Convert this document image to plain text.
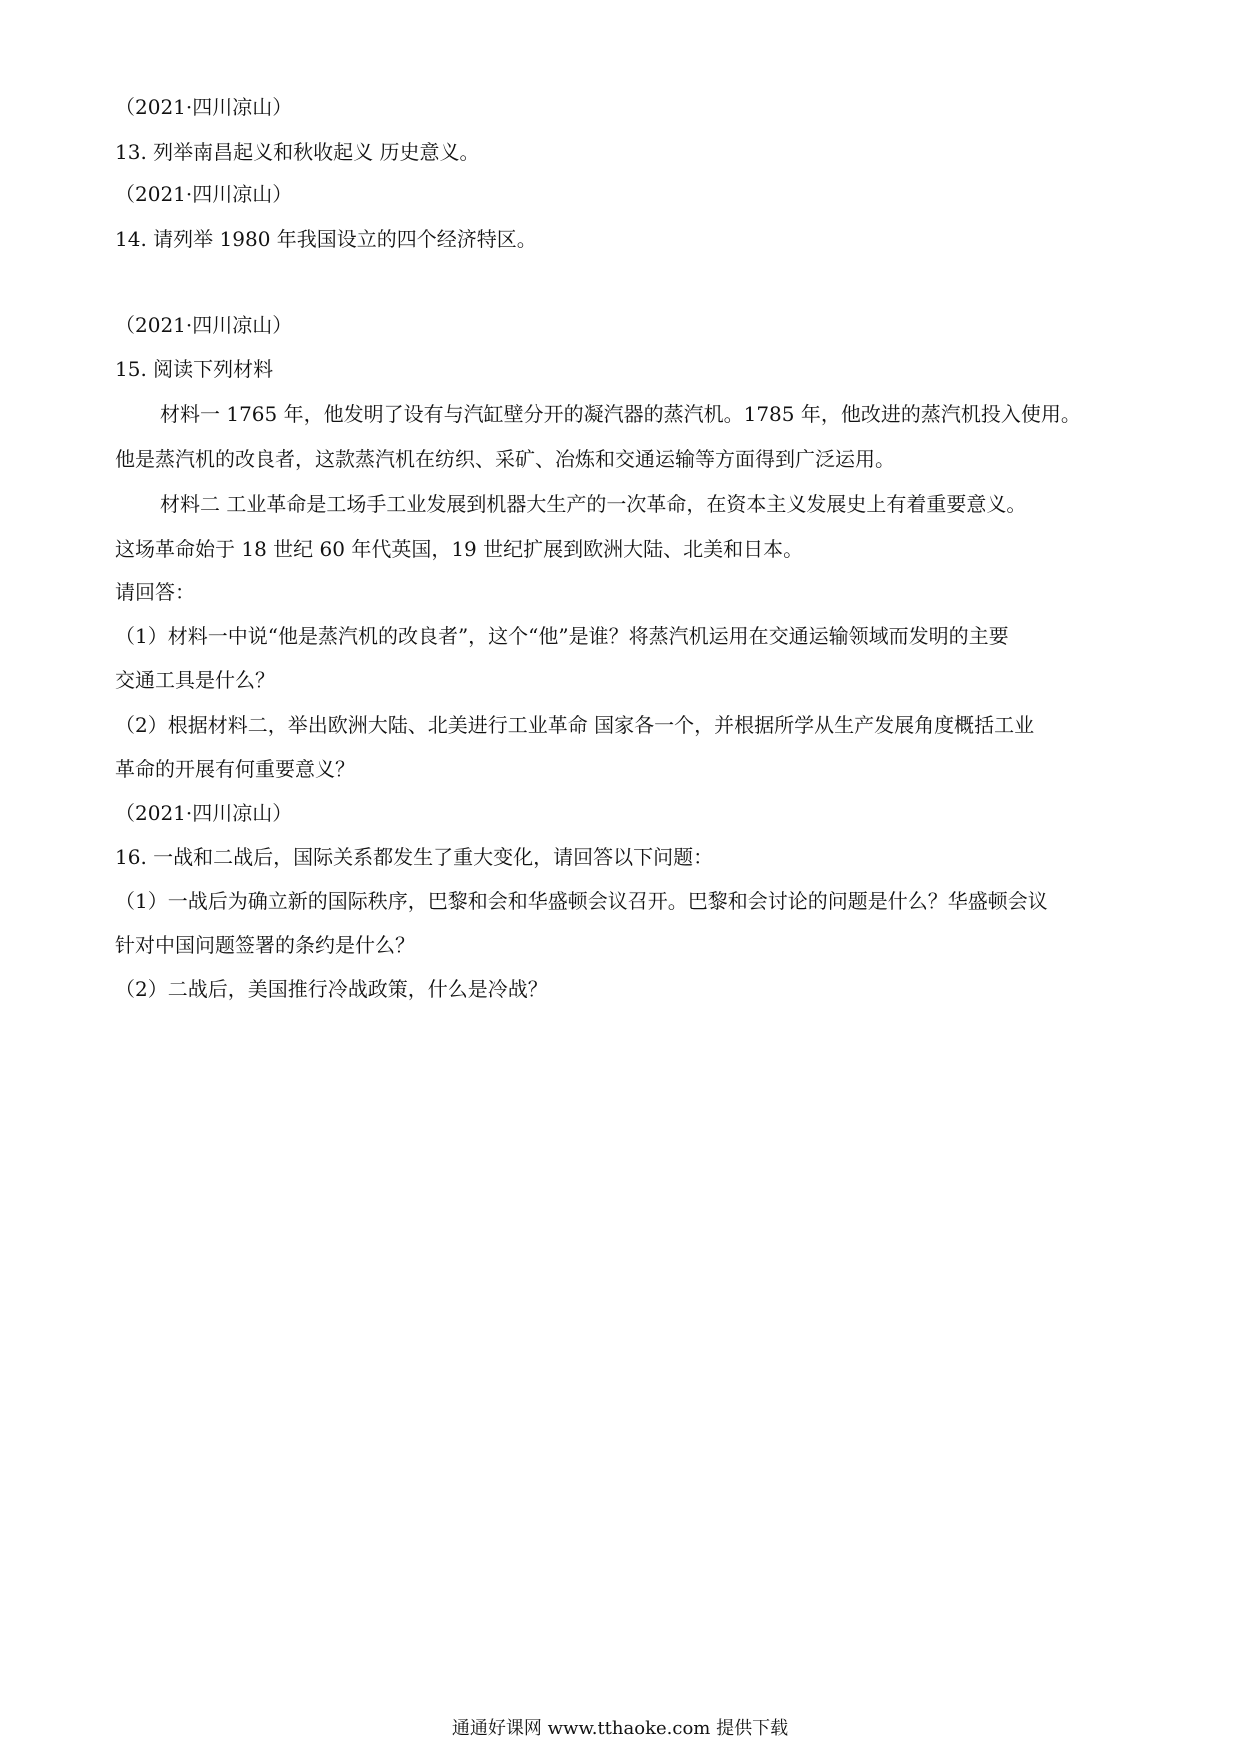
（2021·四川凉山）
13. 列举南昌起义和秋收起义 历史意义。
（2021·四川凉山）
14. 请列举 1980 年我国设立的四个经济特区。
（2021·四川凉山）
15. 阅读下列材料
材料一 1765 年，他发明了设有与汽缸壁分开的凝汽器的蒸汽机。1785 年，他改进的蒸汽机投入使用。
他是蒸汽机的改良者，这款蒸汽机在纺织、采矿、冶炼和交通运输等方面得到广泛运用。
材料二 工业革命是工场手工业发展到机器大生产的一次革命，在资本主义发展史上有着重要意义。
这场革命始于 18 世纪 60 年代英国，19 世纪扩展到欧洲大陆、北美和日本。
请回答：
（1）材料一中说“他是蒸汽机的改良者”，这个“他”是谁？将蒸汽机运用在交通运输领域而发明的主要
交通工具是什么？
（2）根据材料二，举出欧洲大陆、北美进行工业革命 国家各一个，并根据所学从生产发展角度概括工业
革命的开展有何重要意义？
（2021·四川凉山）
16. 一战和二战后，国际关系都发生了重大变化，请回答以下问题：
（1）一战后为确立新的国际秩序，巴黎和会和华盛顿会议召开。巴黎和会讨论的问题是什么？华盛顿会议
针对中国问题签署的条约是什么？
（2）二战后，美国推行冷战政策，什么是冷战？
通通好课网 www.tthaoke.com 提供下载
